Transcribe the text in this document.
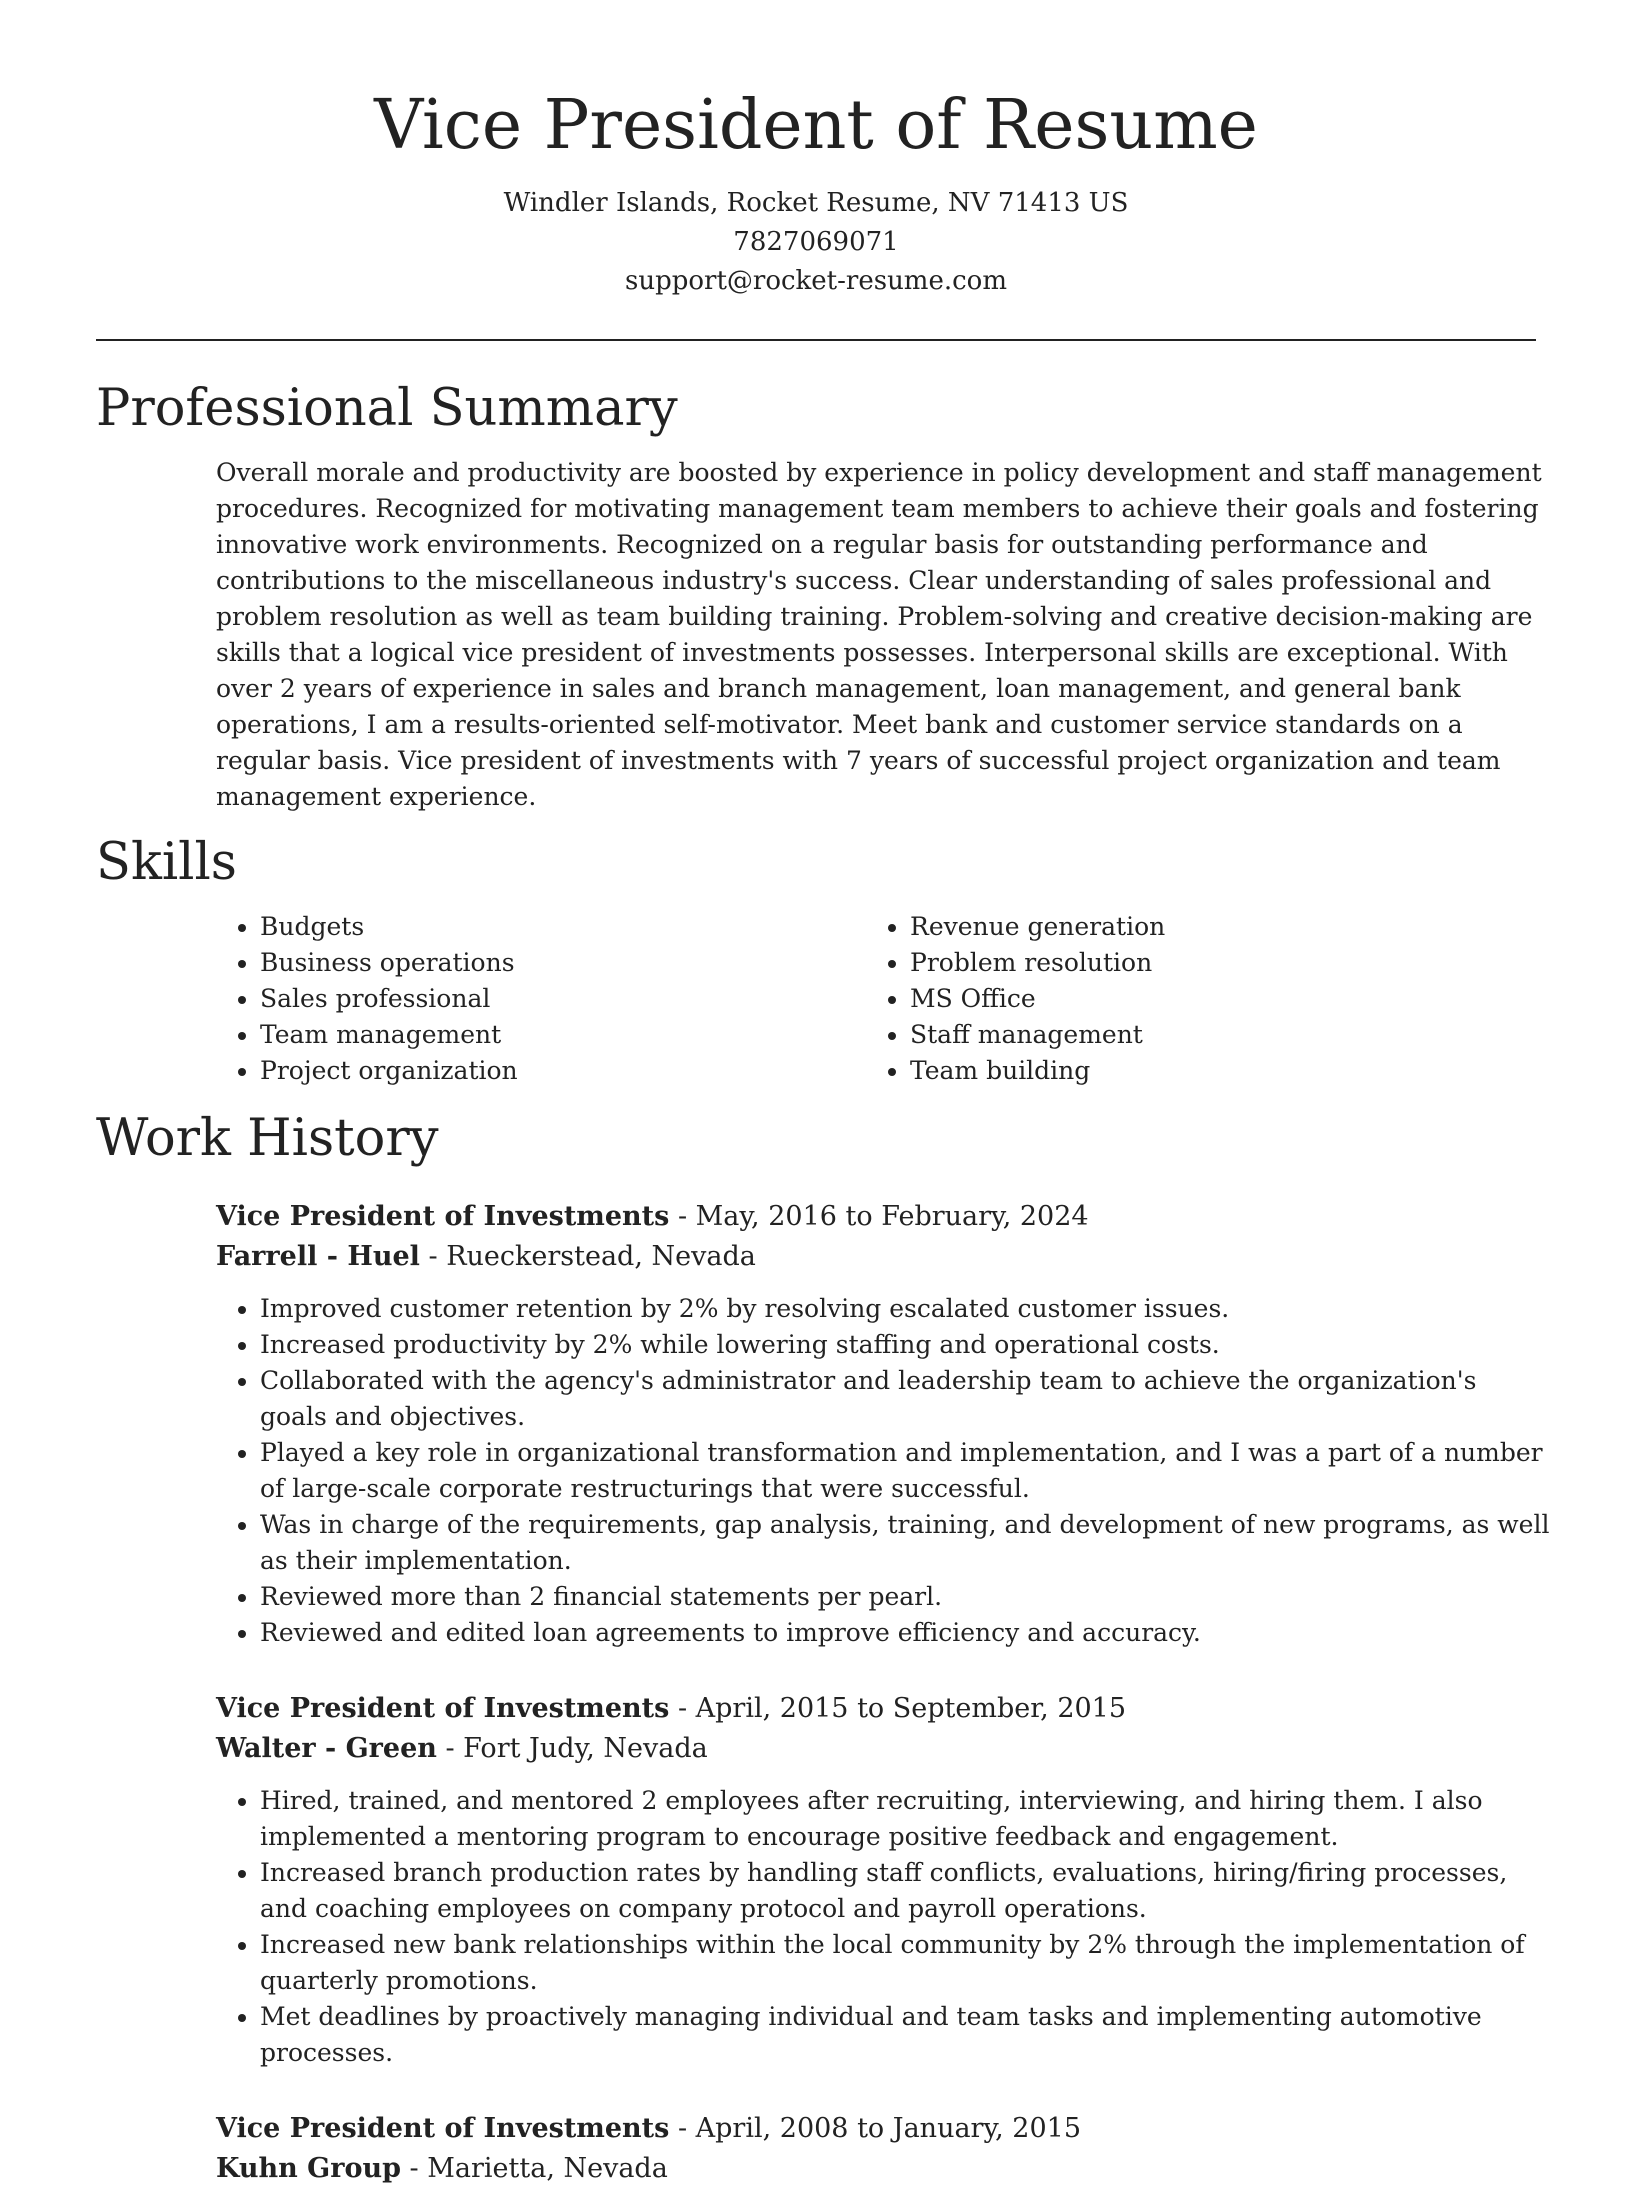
Vice President of Resume

Windler Islands, Rocket Resume, NV 71413 US

7827069071

support@rocket-resume.com

Professional Summary

Overall morale and productivity are boosted by experience in policy development and staff management procedures. Recognized for motivating management team members to achieve their goals and fostering innovative work environments. Recognized on a regular basis for outstanding performance and contributions to the miscellaneous industry's success. Clear understanding of sales professional and problem resolution as well as team building training. Problem-solving and creative decision-making are skills that a logical vice president of investments possesses. Interpersonal skills are exceptional. With over 2 years of experience in sales and branch management, loan management, and general bank operations, I am a results-oriented self-motivator. Meet bank and customer service standards on a regular basis. Vice president of investments with 7 years of successful project organization and team management experience.

Skills
• Budgets
• Business operations
• Sales professional
• Team management
• Project organization
• Revenue generation
• Problem resolution
• MS Office
• Staff management
• Team building
Work History

Vice President of Investments - May, 2016 to February, 2024

Farrell - Huel - Rueckerstead, Nevada

• Improved customer retention by 2% by resolving escalated customer issues.
• Increased productivity by 2% while lowering staffing and operational costs.
• Collaborated with the agency's administrator and leadership team to achieve the organization's goals and objectives.
• Played a key role in organizational transformation and implementation, and I was a part of a number of large-scale corporate restructurings that were successful.
• Was in charge of the requirements, gap analysis, training, and development of new programs, as well as their implementation.
• Reviewed more than 2 financial statements per pearl.
• Reviewed and edited loan agreements to improve efficiency and accuracy.

Vice President of Investments - April, 2015 to September, 2015

Walter - Green - Fort Judy, Nevada

• Hired, trained, and mentored 2 employees after recruiting, interviewing, and hiring them. I also implemented a mentoring program to encourage positive feedback and engagement.
• Increased branch production rates by handling staff conflicts, evaluations, hiring/firing processes, and coaching employees on company protocol and payroll operations.
• Increased new bank relationships within the local community by 2% through the implementation of quarterly promotions.
• Met deadlines by proactively managing individual and team tasks and implementing automotive processes.

Vice President of Investments - April, 2008 to January, 2015

Kuhn Group - Marietta, Nevada
